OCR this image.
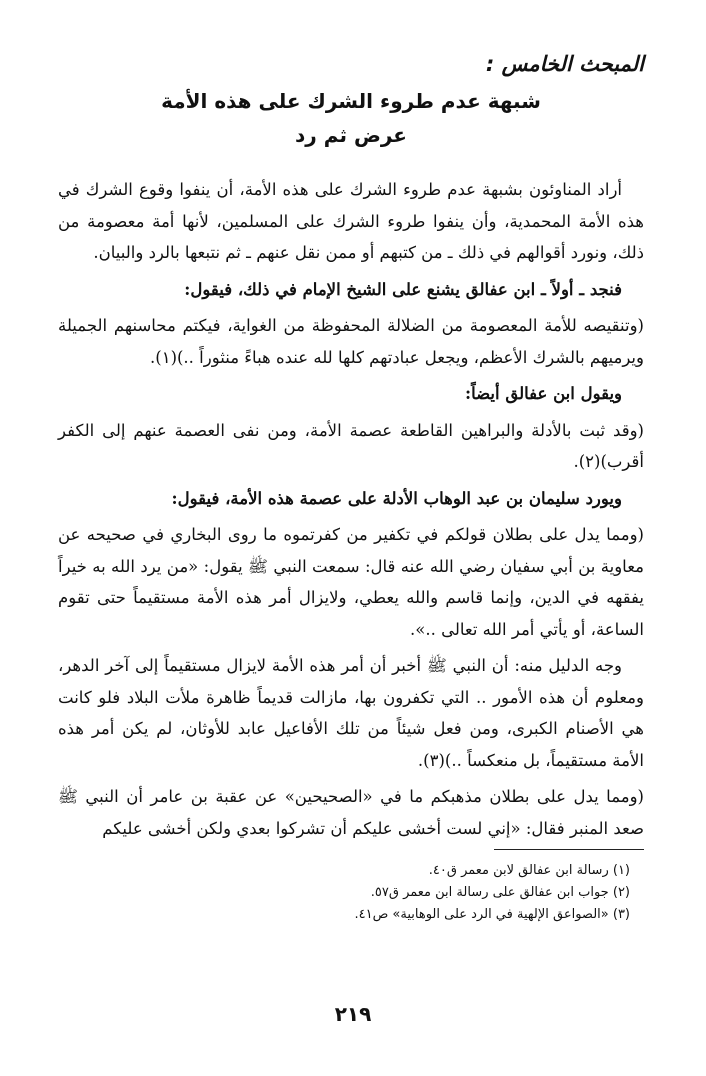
المبحث الخامس :
شبهة عدم طروء الشرك على هذه الأمة
عرض ثم رد

أراد المناوئون بشبهة عدم طروء الشرك على هذه الأمة، أن ينفوا وقوع الشرك في هذه الأمة المحمدية، وأن ينفوا طروء الشرك على المسلمين، لأنها أمة معصومة من ذلك، ونورد أقوالهم في ذلك ـ من كتبهم أو ممن نقل عنهم ـ ثم نتبعها بالرد والبيان.

فنجد ـ أولاً ـ ابن عفالق يشنع على الشيخ الإمام في ذلك، فيقول:

(وتنقيصه للأمة المعصومة من الضلالة المحفوظة من الغواية، فيكتم محاسنهم الجميلة ويرميهم بالشرك الأعظم، ويجعل عبادتهم كلها لله عنده هباءً منثوراً ..)(١).

ويقول ابن عفالق أيضاً:

(وقد ثبت بالأدلة والبراهين القاطعة عصمة الأمة، ومن نفى العصمة عنهم إلى الكفر أقرب)(٢).

ويورد سليمان بن عبد الوهاب الأدلة على عصمة هذه الأمة، فيقول:

(ومما يدل على بطلان قولكم في تكفير من كفرتموه ما روى البخاري في صحيحه عن معاوية بن أبي سفيان رضي الله عنه قال: سمعت النبي ﷺ يقول: «من يرد الله به خيراً يفقهه في الدين، وإنما قاسم والله يعطي، ولايزال أمر هذه الأمة مستقيماً حتى تقوم الساعة، أو يأتي أمر الله تعالى ..».

وجه الدليل منه: أن النبي ﷺ أخبر أن أمر هذه الأمة لايزال مستقيماً إلى آخر الدهر، ومعلوم أن هذه الأمور .. التي تكفرون بها، مازالت قديماً ظاهرة ملأت البلاد فلو كانت هي الأصنام الكبرى، ومن فعل شيئاً من تلك الأفاعيل عابد للأوثان، لم يكن أمر هذه الأمة مستقيماً، بل منعكساً ..)(٣).

(ومما يدل على بطلان مذهبكم ما في «الصحيحين» عن عقبة بن عامر أن النبي ﷺ صعد المنبر فقال: «إني لست أخشى عليكم أن تشركوا بعدي ولكن أخشى عليكم

(١) رسالة ابن عفالق لابن معمر ق٤٠.

(٢) جواب ابن عفالق على رسالة ابن معمر ق٥٧.

(٣) «الصواعق الإلهية في الرد على الوهابية» ص٤١.

٢١٩
